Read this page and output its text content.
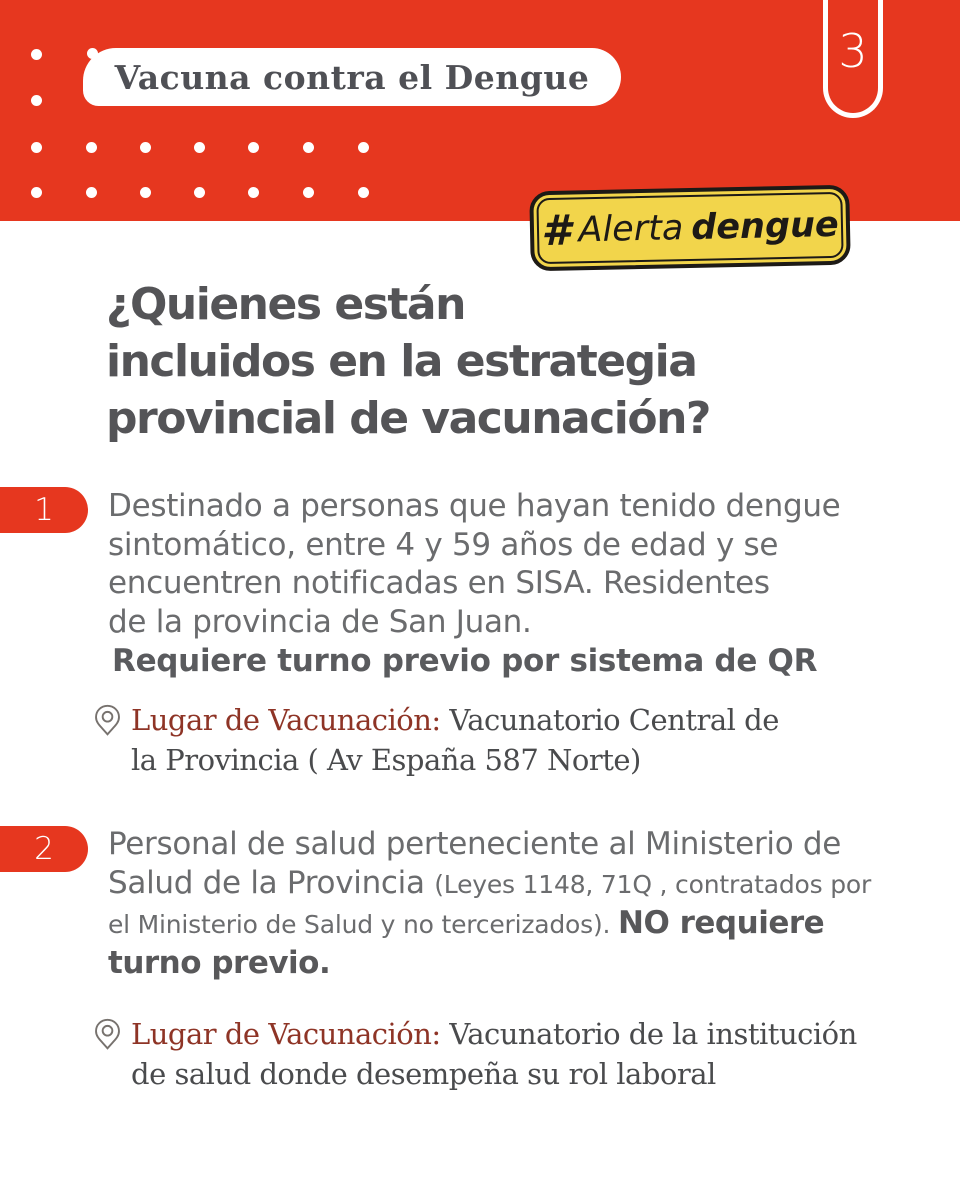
Vacuna contra el Dengue	3
# Alerta dengue
¿Quienes están
incluidos en la estrategia
provincial de vacunación?
1 Destinado a personas que hayan tenido dengue
sintomático, entre 4 y 59 años de edad y se
encuentren notificadas en SISA. Residentes
de la provincia de San Juan.
Requiere turno previo por sistema de QR
Lugar de Vacunación: Vacunatorio Central de la Provincia ( Av España 587 Norte)
2 Personal de salud perteneciente al Ministerio de Salud de la Provincia (Leyes 1148, 71Q , contratados por el Ministerio de Salud y no tercerizados). NO requiere turno previo.
Lugar de Vacunación: Vacunatorio de la institución de salud donde desempeña su rol laboral
